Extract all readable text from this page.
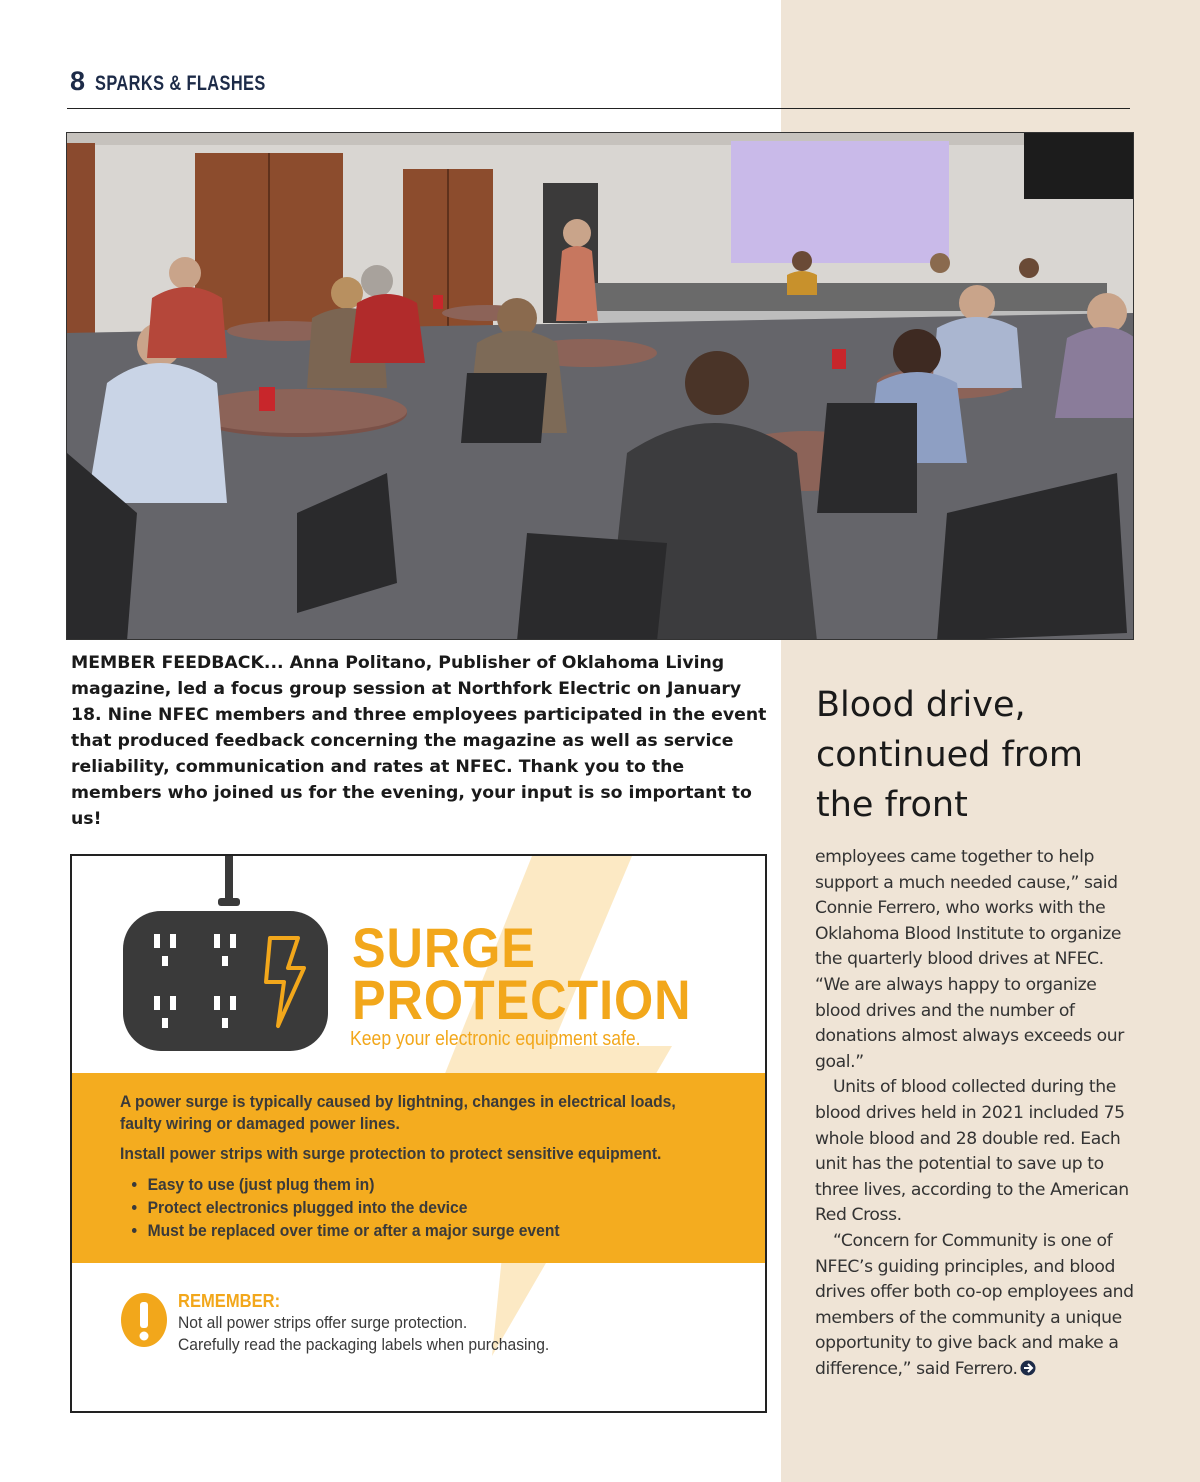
8 SPARKS & FLASHES
MEMBER FEEDBACK... Anna Politano, Publisher of Oklahoma Living magazine, led a focus group session at Northfork Electric on January 18. Nine NFEC members and three employees participated in the event that produced feedback concerning the magazine as well as service reliability, communication and rates at NFEC. Thank you to the members who joined us for the evening, your input is so important to us!
SURGE
PROTECTION
Keep your electronic equipment safe.

A power surge is typically caused by lightning, changes in electrical loads, faulty wiring or damaged power lines.

Install power strips with surge protection to protect sensitive equipment.

• Easy to use (just plug them in)
• Protect electronics plugged into the device
• Must be replaced over time or after a major surge event
REMEMBER:
Not all power strips offer surge protection.
Carefully read the packaging labels when purchasing.
Blood drive, continued from the front

employees came together to help support a much needed cause,” said Connie Ferrero, who works with the Oklahoma Blood Institute to organize the quarterly blood drives at NFEC. “We are always happy to organize blood drives and the number of donations almost always exceeds our goal.”

Units of blood collected during the blood drives held in 2021 included 75 whole blood and 28 double red. Each unit has the potential to save up to three lives, according to the American Red Cross.

“Concern for Community is one of NFEC’s guiding principles, and blood drives offer both co-op employees and members of the community a unique opportunity to give back and make a difference,” said Ferrero.
